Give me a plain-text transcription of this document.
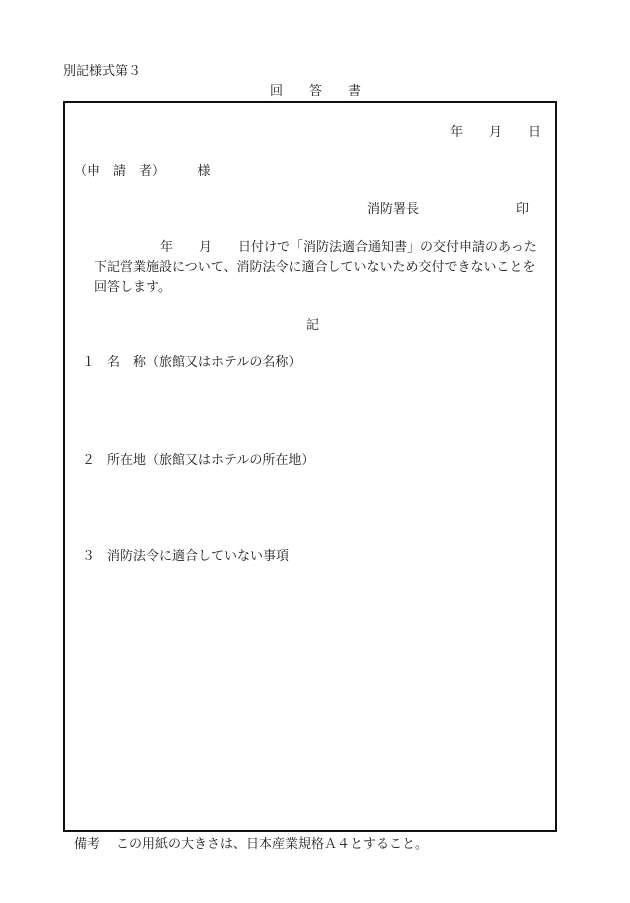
別記様式第３
回　　答　　書
年　　月　　日
（申　請　者）　　　様
消防署長	印
年　　月　　日付けで「消防法適合通知書」の交付申請のあった
下記営業施設について、消防法令に適合していないため交付できないことを
回答します。
記
１ 名　称（旅館又はホテルの名称）
２ 所在地（旅館又はホテルの所在地）
３ 消防法令に適合していない事項
備考 この用紙の大きさは、日本産業規格Ａ４とすること。
